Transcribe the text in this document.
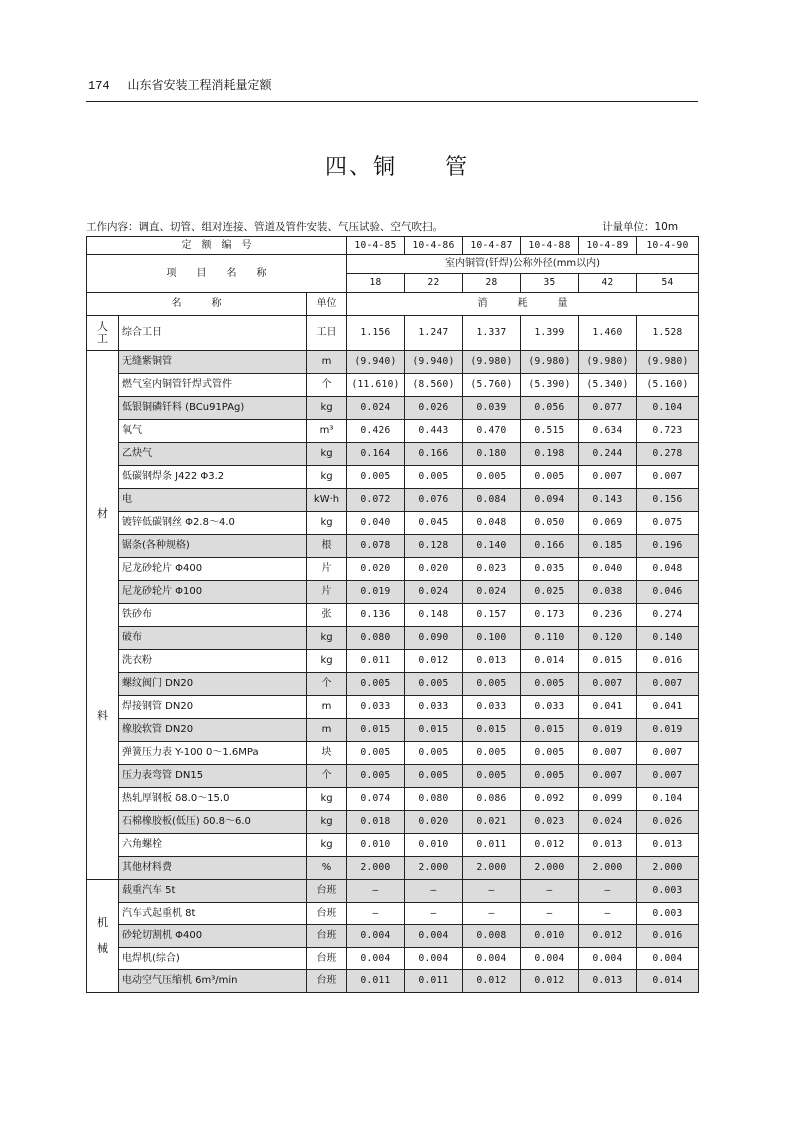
174 山东省安装工程消耗量定额
四、铜　　管
工作内容：调直、切管、组对连接、管道及管件安装、气压试验、空气吹扫。	计量单位：10m
定　额　编　号			10-4-85	10-4-86	10-4-87	10-4-88	10-4-89	10-4-90
项　　目　　名　　称			室内铜管(钎焊)公称外径(mm以内)					
			18	22	28	35	42	54
名　　　称		单位	消　　　耗　　　量					

人
工	综合工日	工日	1.156	1.247	1.337	1.399	1.460	1.528

材
料	无缝紫铜管	m	(9.940)	(9.940)	(9.980)	(9.980)	(9.980)	(9.980)
	燃气室内铜管钎焊式管件	个	(11.610)	(8.560)	(5.760)	(5.390)	(5.340)	(5.160)
	低银铜磷钎料 (BCu91PAg)	kg	0.024	0.026	0.039	0.056	0.077	0.104
	氧气	m³	0.426	0.443	0.470	0.515	0.634	0.723
	乙炔气	kg	0.164	0.166	0.180	0.198	0.244	0.278
	低碳钢焊条 J422 Φ3.2	kg	0.005	0.005	0.005	0.005	0.007	0.007
	电	kW·h	0.072	0.076	0.084	0.094	0.143	0.156
	镀锌低碳钢丝 Φ2.8～4.0	kg	0.040	0.045	0.048	0.050	0.069	0.075
	锯条(各种规格)	根	0.078	0.128	0.140	0.166	0.185	0.196
	尼龙砂轮片 Φ400	片	0.020	0.020	0.023	0.035	0.040	0.048
	尼龙砂轮片 Φ100	片	0.019	0.024	0.024	0.025	0.038	0.046
	铁砂布	张	0.136	0.148	0.157	0.173	0.236	0.274
	破布	kg	0.080	0.090	0.100	0.110	0.120	0.140
	洗衣粉	kg	0.011	0.012	0.013	0.014	0.015	0.016
	螺纹阀门 DN20	个	0.005	0.005	0.005	0.005	0.007	0.007
	焊接钢管 DN20	m	0.033	0.033	0.033	0.033	0.041	0.041
	橡胶软管 DN20	m	0.015	0.015	0.015	0.015	0.019	0.019
	弹簧压力表 Y-100 0～1.6MPa	块	0.005	0.005	0.005	0.005	0.007	0.007
	压力表弯管 DN15	个	0.005	0.005	0.005	0.005	0.007	0.007
	热轧厚钢板 δ8.0～15.0	kg	0.074	0.080	0.086	0.092	0.099	0.104
	石棉橡胶板(低压) δ0.8～6.0	kg	0.018	0.020	0.021	0.023	0.024	0.026
	六角螺栓	kg	0.010	0.010	0.011	0.012	0.013	0.013
	其他材料费	%	2.000	2.000	2.000	2.000	2.000	2.000

机
械	载重汽车 5t	台班	—	—	—	—	—	0.003
	汽车式起重机 8t	台班	—	—	—	—	—	0.003
	砂轮切割机 Φ400	台班	0.004	0.004	0.008	0.010	0.012	0.016
	电焊机(综合)	台班	0.004	0.004	0.004	0.004	0.004	0.004
	电动空气压缩机 6m³/min	台班	0.011	0.011	0.012	0.012	0.013	0.014
